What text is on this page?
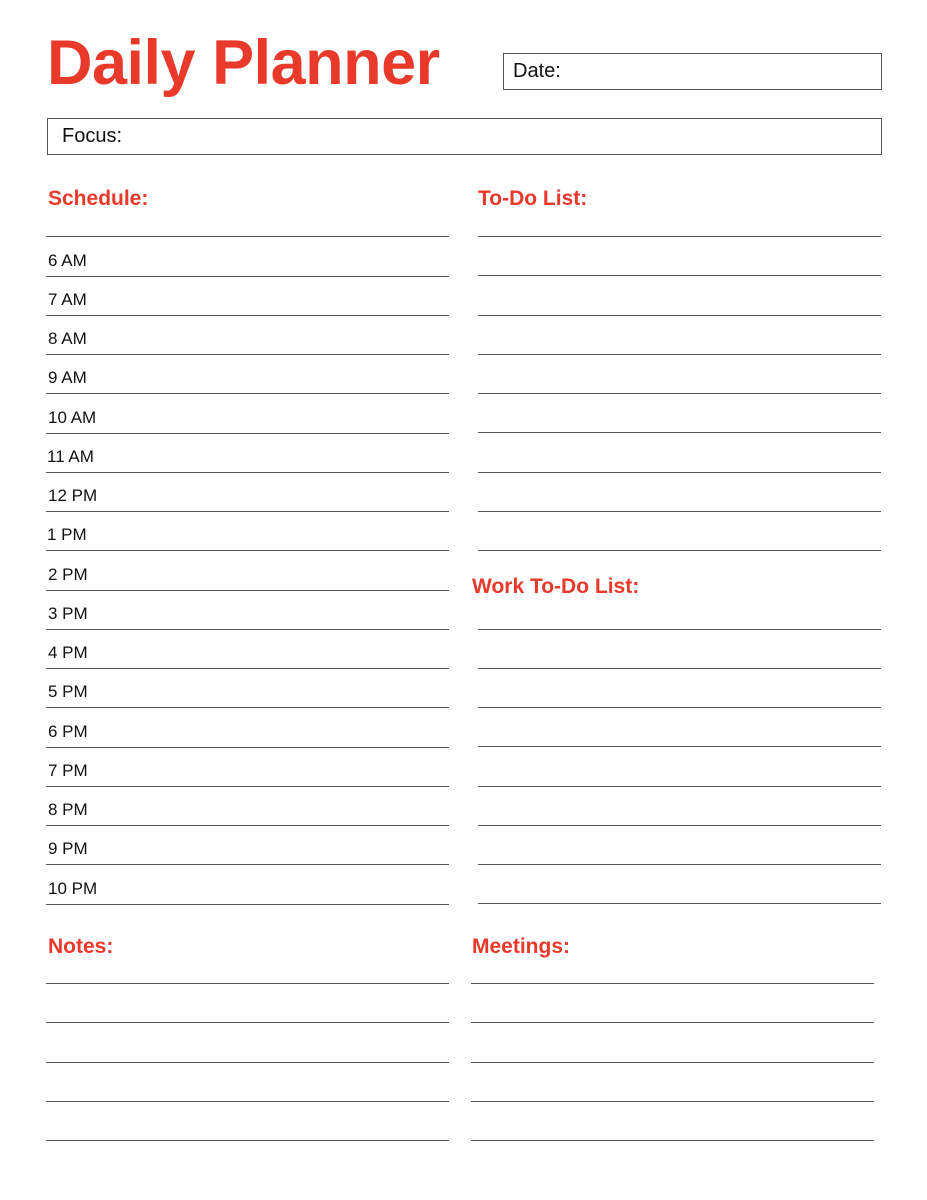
Daily Planner	Date:
Focus:
Schedule:	To-Do List:
Work To-Do List:
Notes:	Meetings:
6 AM
7 AM
8 AM
9 AM
10 AM
11 AM
12 PM
1 PM
2 PM
3 PM
4 PM
5 PM
6 PM
7 PM
8 PM
9 PM
10 PM
